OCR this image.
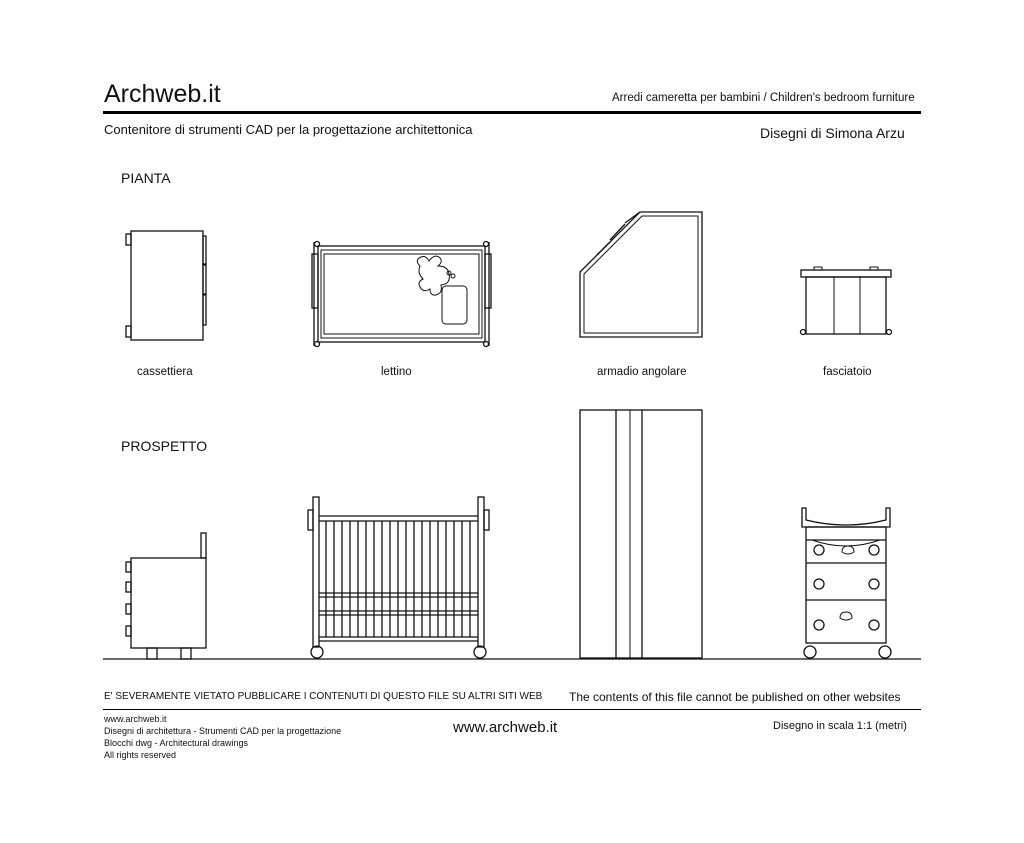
Archweb.it	Arredi cameretta per bambini / Children's bedroom furniture
Contenitore di strumenti CAD per la progettazione architettonica	Disegni di Simona Arzu
PIANTA
PROSPETTO
cassettiera	lettino	armadio angolare	fasciatoio
E' SEVERAMENTE VIETATO PUBBLICARE I CONTENUTI DI QUESTO FILE SU ALTRI SITI WEB The contents of this file cannot be published on other websites
www.archweb.it
Disegni di architettura - Strumenti CAD per la progettazione
Blocchi dwg - Architectural drawings
All rights reserved
www.archweb.it	Disegno in scala 1:1 (metri)
